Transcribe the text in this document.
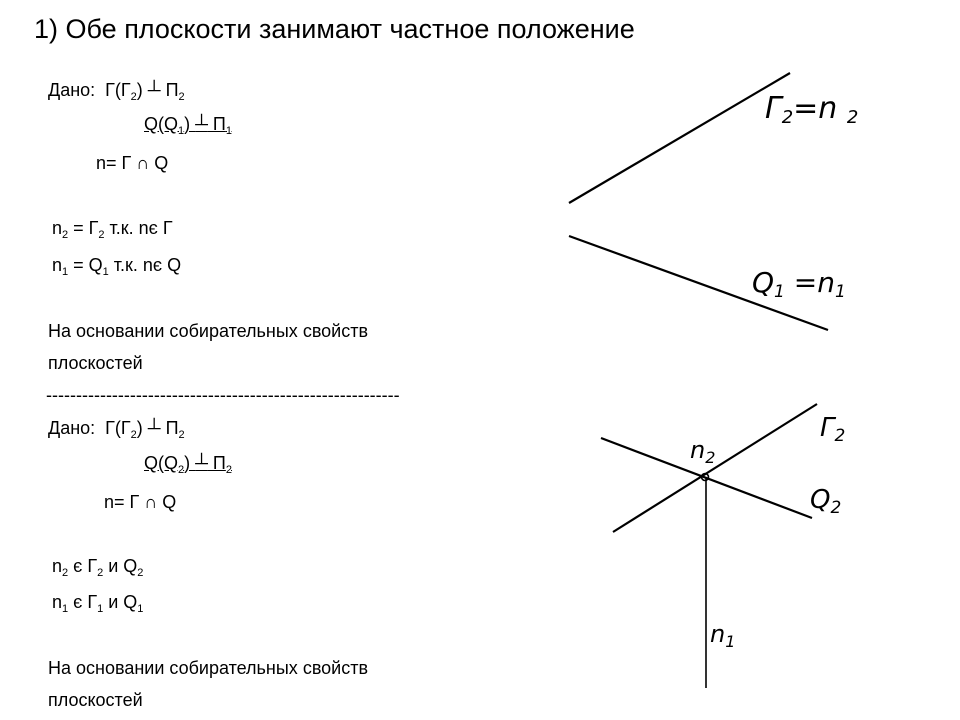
1) Обе плоскости занимают частное положение
Дано: $Г(Г_2)$ ┴ $П_2$
$Q(Q_1)$ ┴ $П_1$
n= Г ∩ Q
$n_2 = Г_2$ т.к. nє Г
$n_1 = Q_1$ т.к. nє Q
На основании собирательных свойств
плоскостей
-----------------------------------------------------------
Дано: $Г(Г_2)$ ┴ $П_2$
$Q(Q_2)$ ┴ $П_2$
n= Г ∩ Q
$n_2$ є $Г_2$ и $Q_2$
$n_1$ є $Г_1$ и $Q_1$
На основании собирательных свойств
плоскостей
Г2=n 2
Q1 =n1
Г2
Q2
$n_2$
$n_1$
